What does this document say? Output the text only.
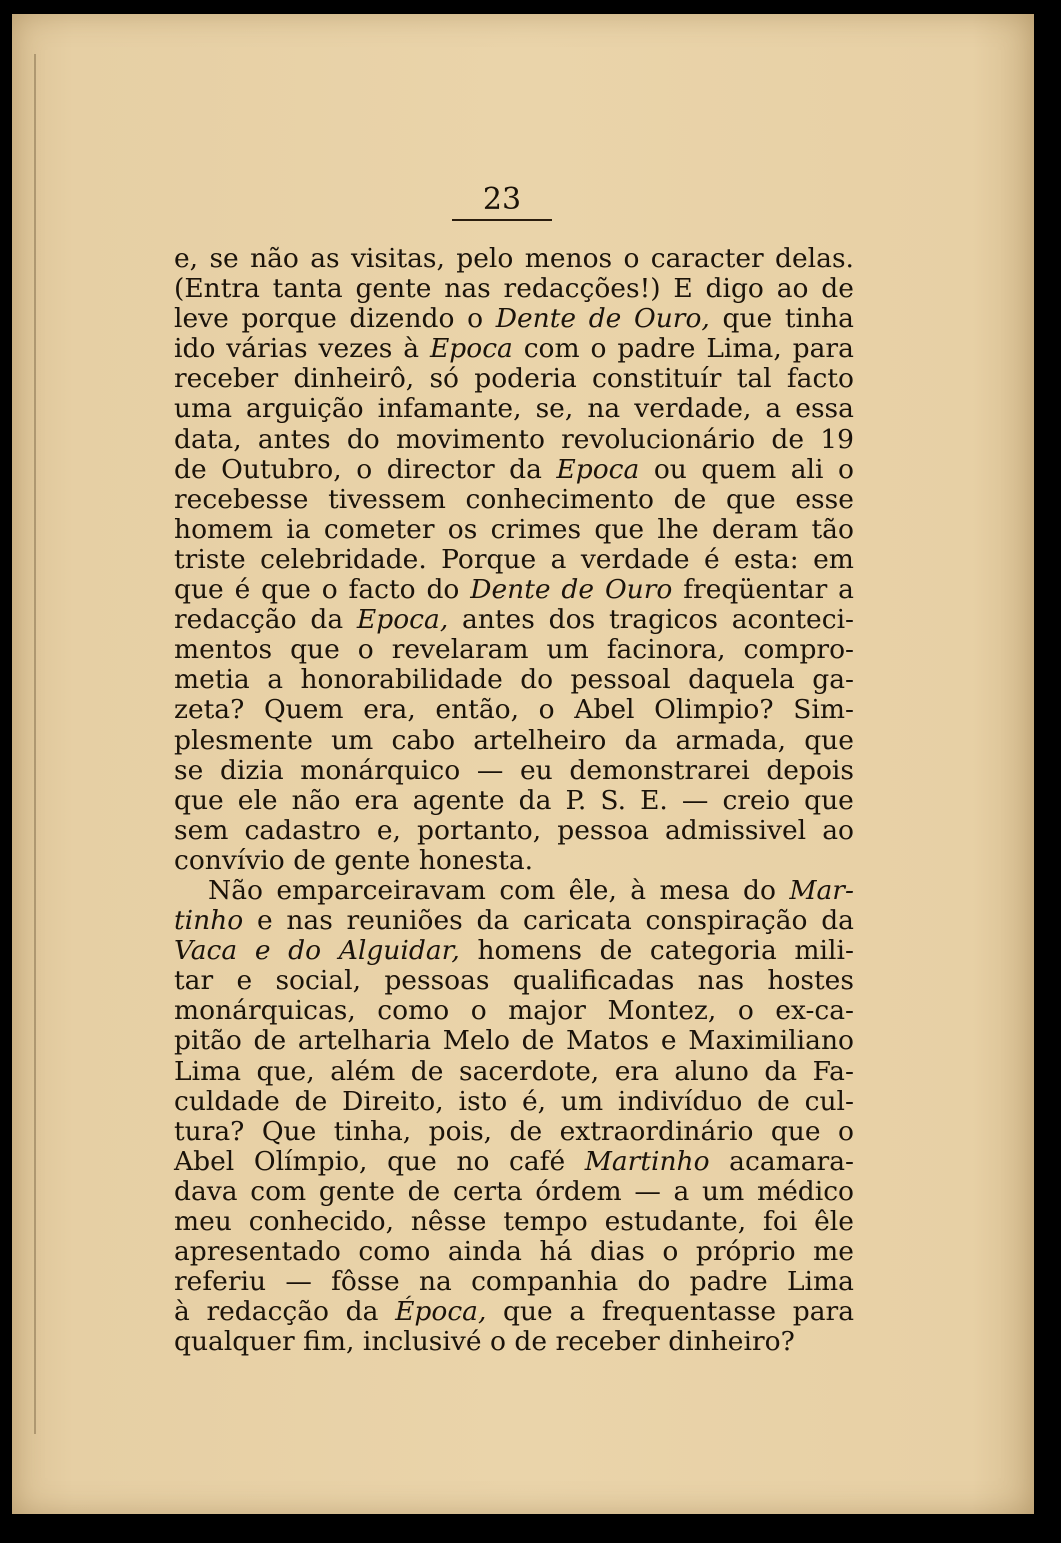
23
e, se não as visitas, pelo menos o caracter delas.
(Entra tanta gente nas redacções!) E digo ao de
leve porque dizendo o Dente de Ouro, que tinha
ido várias vezes à Epoca com o padre Lima, para
receber dinheirô, só poderia constituír tal facto
uma arguição infamante, se, na verdade, a essa
data, antes do movimento revolucionário de 19
de Outubro, o director da Epoca ou quem ali o
recebesse tivessem conhecimento de que esse
homem ia cometer os crimes que lhe deram tão
triste celebridade. Porque a verdade é esta: em
que é que o facto do Dente de Ouro freqüentar a
redacção da Epoca, antes dos tragicos aconteci-
mentos que o revelaram um facinora, compro-
metia a honorabilidade do pessoal daquela ga-
zeta? Quem era, então, o Abel Olimpio? Sim-
plesmente um cabo artelheiro da armada, que
se dizia monárquico — eu demonstrarei depois
que ele não era agente da P. S. E. — creio que
sem cadastro e, portanto, pessoa admissivel ao
convívio de gente honesta.
Não emparceiravam com êle, à mesa do Mar-
tinho e nas reuniões da caricata conspiração da
Vaca e do Alguidar, homens de categoria mili-
tar e social, pessoas qualificadas nas hostes
monárquicas, como o major Montez, o ex-ca-
pitão de artelharia Melo de Matos e Maximiliano
Lima que, além de sacerdote, era aluno da Fa-
culdade de Direito, isto é, um indivíduo de cul-
tura? Que tinha, pois, de extraordinário que o
Abel Olímpio, que no café Martinho acamara-
dava com gente de certa órdem — a um médico
meu conhecido, nêsse tempo estudante, foi êle
apresentado como ainda há dias o próprio me
referiu — fôsse na companhia do padre Lima
à redacção da Época, que a frequentasse para
qualquer fim, inclusivé o de receber dinheiro?
